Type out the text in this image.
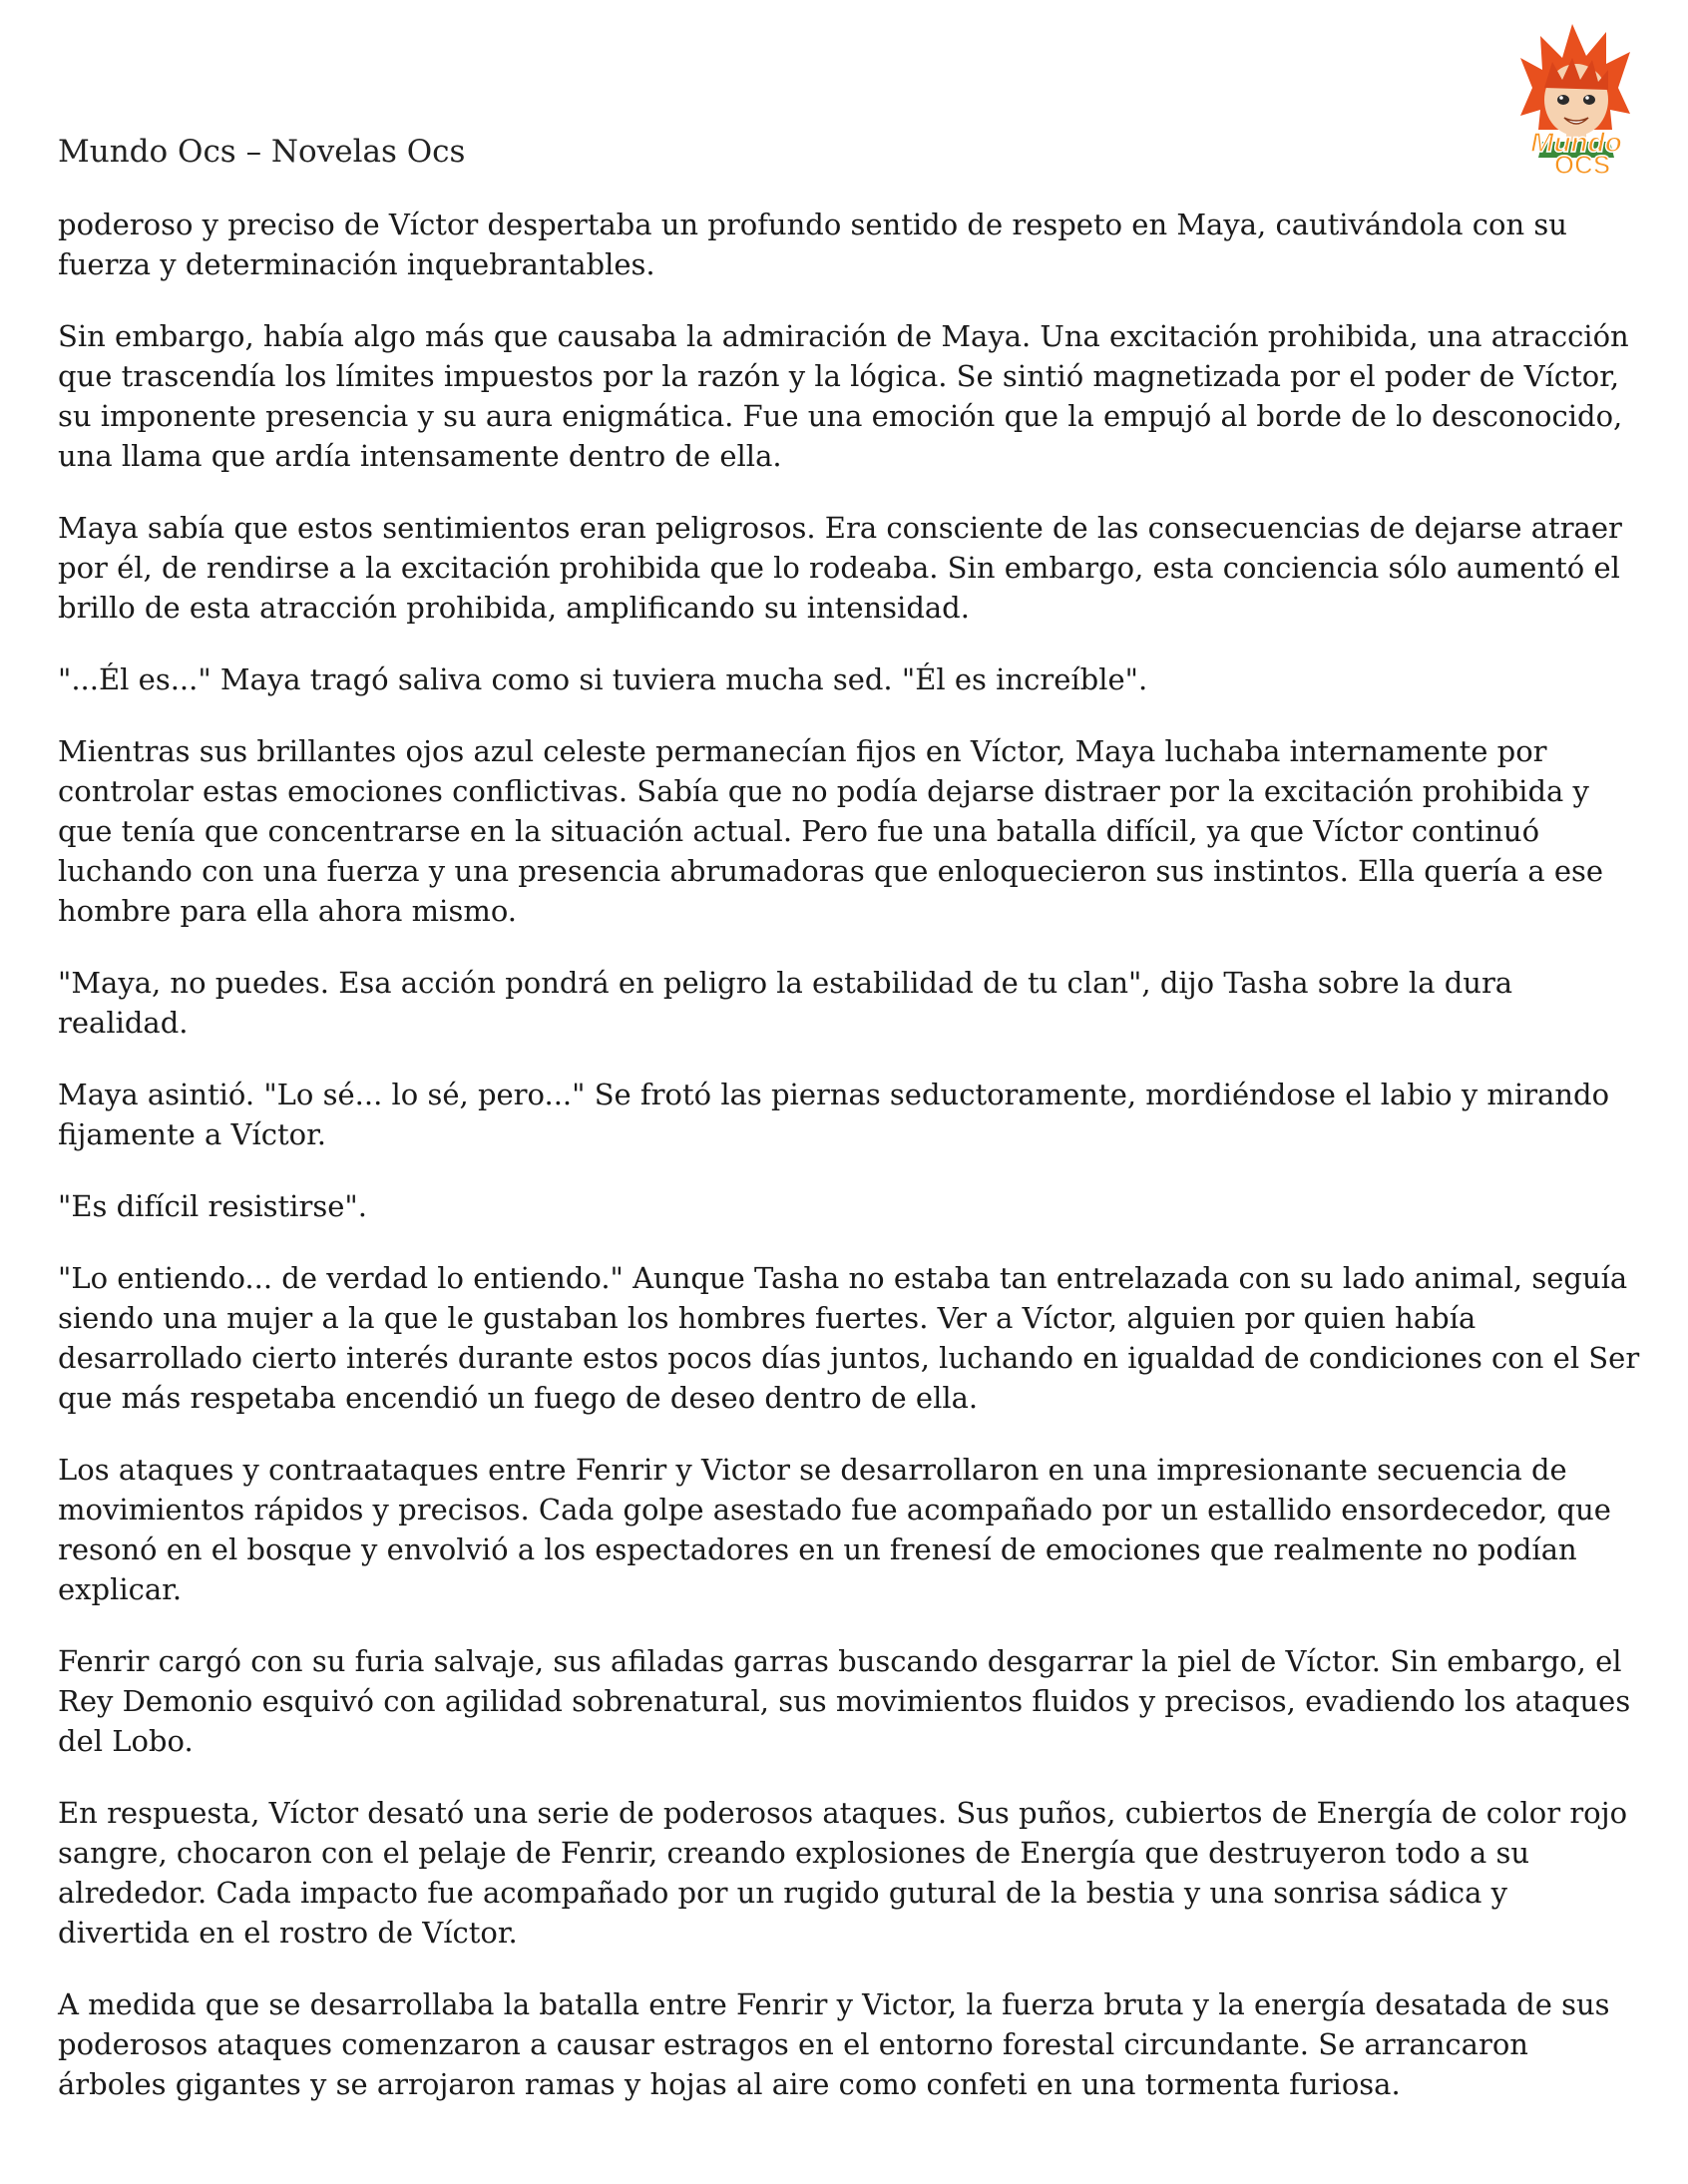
Mundo Ocs – Novelas Ocs	Mundo
OCS

poderoso y preciso de Víctor despertaba un profundo sentido de respeto en Maya, cautivándola con su fuerza y determinación inquebrantables.

Sin embargo, había algo más que causaba la admiración de Maya. Una excitación prohibida, una atracción que trascendía los límites impuestos por la razón y la lógica. Se sintió magnetizada por el poder de Víctor, su imponente presencia y su aura enigmática. Fue una emoción que la empujó al borde de lo desconocido, una llama que ardía intensamente dentro de ella.

Maya sabía que estos sentimientos eran peligrosos. Era consciente de las consecuencias de dejarse atraer por él, de rendirse a la excitación prohibida que lo rodeaba. Sin embargo, esta conciencia sólo aumentó el brillo de esta atracción prohibida, amplificando su intensidad.

"...Él es..." Maya tragó saliva como si tuviera mucha sed. "Él es increíble".

Mientras sus brillantes ojos azul celeste permanecían fijos en Víctor, Maya luchaba internamente por controlar estas emociones conflictivas. Sabía que no podía dejarse distraer por la excitación prohibida y que tenía que concentrarse en la situación actual. Pero fue una batalla difícil, ya que Víctor continuó luchando con una fuerza y una presencia abrumadoras que enloquecieron sus instintos. Ella quería a ese hombre para ella ahora mismo.

"Maya, no puedes. Esa acción pondrá en peligro la estabilidad de tu clan", dijo Tasha sobre la dura realidad.

Maya asintió. "Lo sé... lo sé, pero..." Se frotó las piernas seductoramente, mordiéndose el labio y mirando fijamente a Víctor.

"Es difícil resistirse".

"Lo entiendo... de verdad lo entiendo." Aunque Tasha no estaba tan entrelazada con su lado animal, seguía siendo una mujer a la que le gustaban los hombres fuertes. Ver a Víctor, alguien por quien había desarrollado cierto interés durante estos pocos días juntos, luchando en igualdad de condiciones con el Ser que más respetaba encendió un fuego de deseo dentro de ella.

Los ataques y contraataques entre Fenrir y Victor se desarrollaron en una impresionante secuencia de movimientos rápidos y precisos. Cada golpe asestado fue acompañado por un estallido ensordecedor, que resonó en el bosque y envolvió a los espectadores en un frenesí de emociones que realmente no podían explicar.

Fenrir cargó con su furia salvaje, sus afiladas garras buscando desgarrar la piel de Víctor. Sin embargo, el Rey Demonio esquivó con agilidad sobrenatural, sus movimientos fluidos y precisos, evadiendo los ataques del Lobo.

En respuesta, Víctor desató una serie de poderosos ataques. Sus puños, cubiertos de Energía de color rojo sangre, chocaron con el pelaje de Fenrir, creando explosiones de Energía que destruyeron todo a su alrededor. Cada impacto fue acompañado por un rugido gutural de la bestia y una sonrisa sádica y divertida en el rostro de Víctor.

A medida que se desarrollaba la batalla entre Fenrir y Victor, la fuerza bruta y la energía desatada de sus poderosos ataques comenzaron a causar estragos en el entorno forestal circundante. Se arrancaron árboles gigantes y se arrojaron ramas y hojas al aire como confeti en una tormenta furiosa.
